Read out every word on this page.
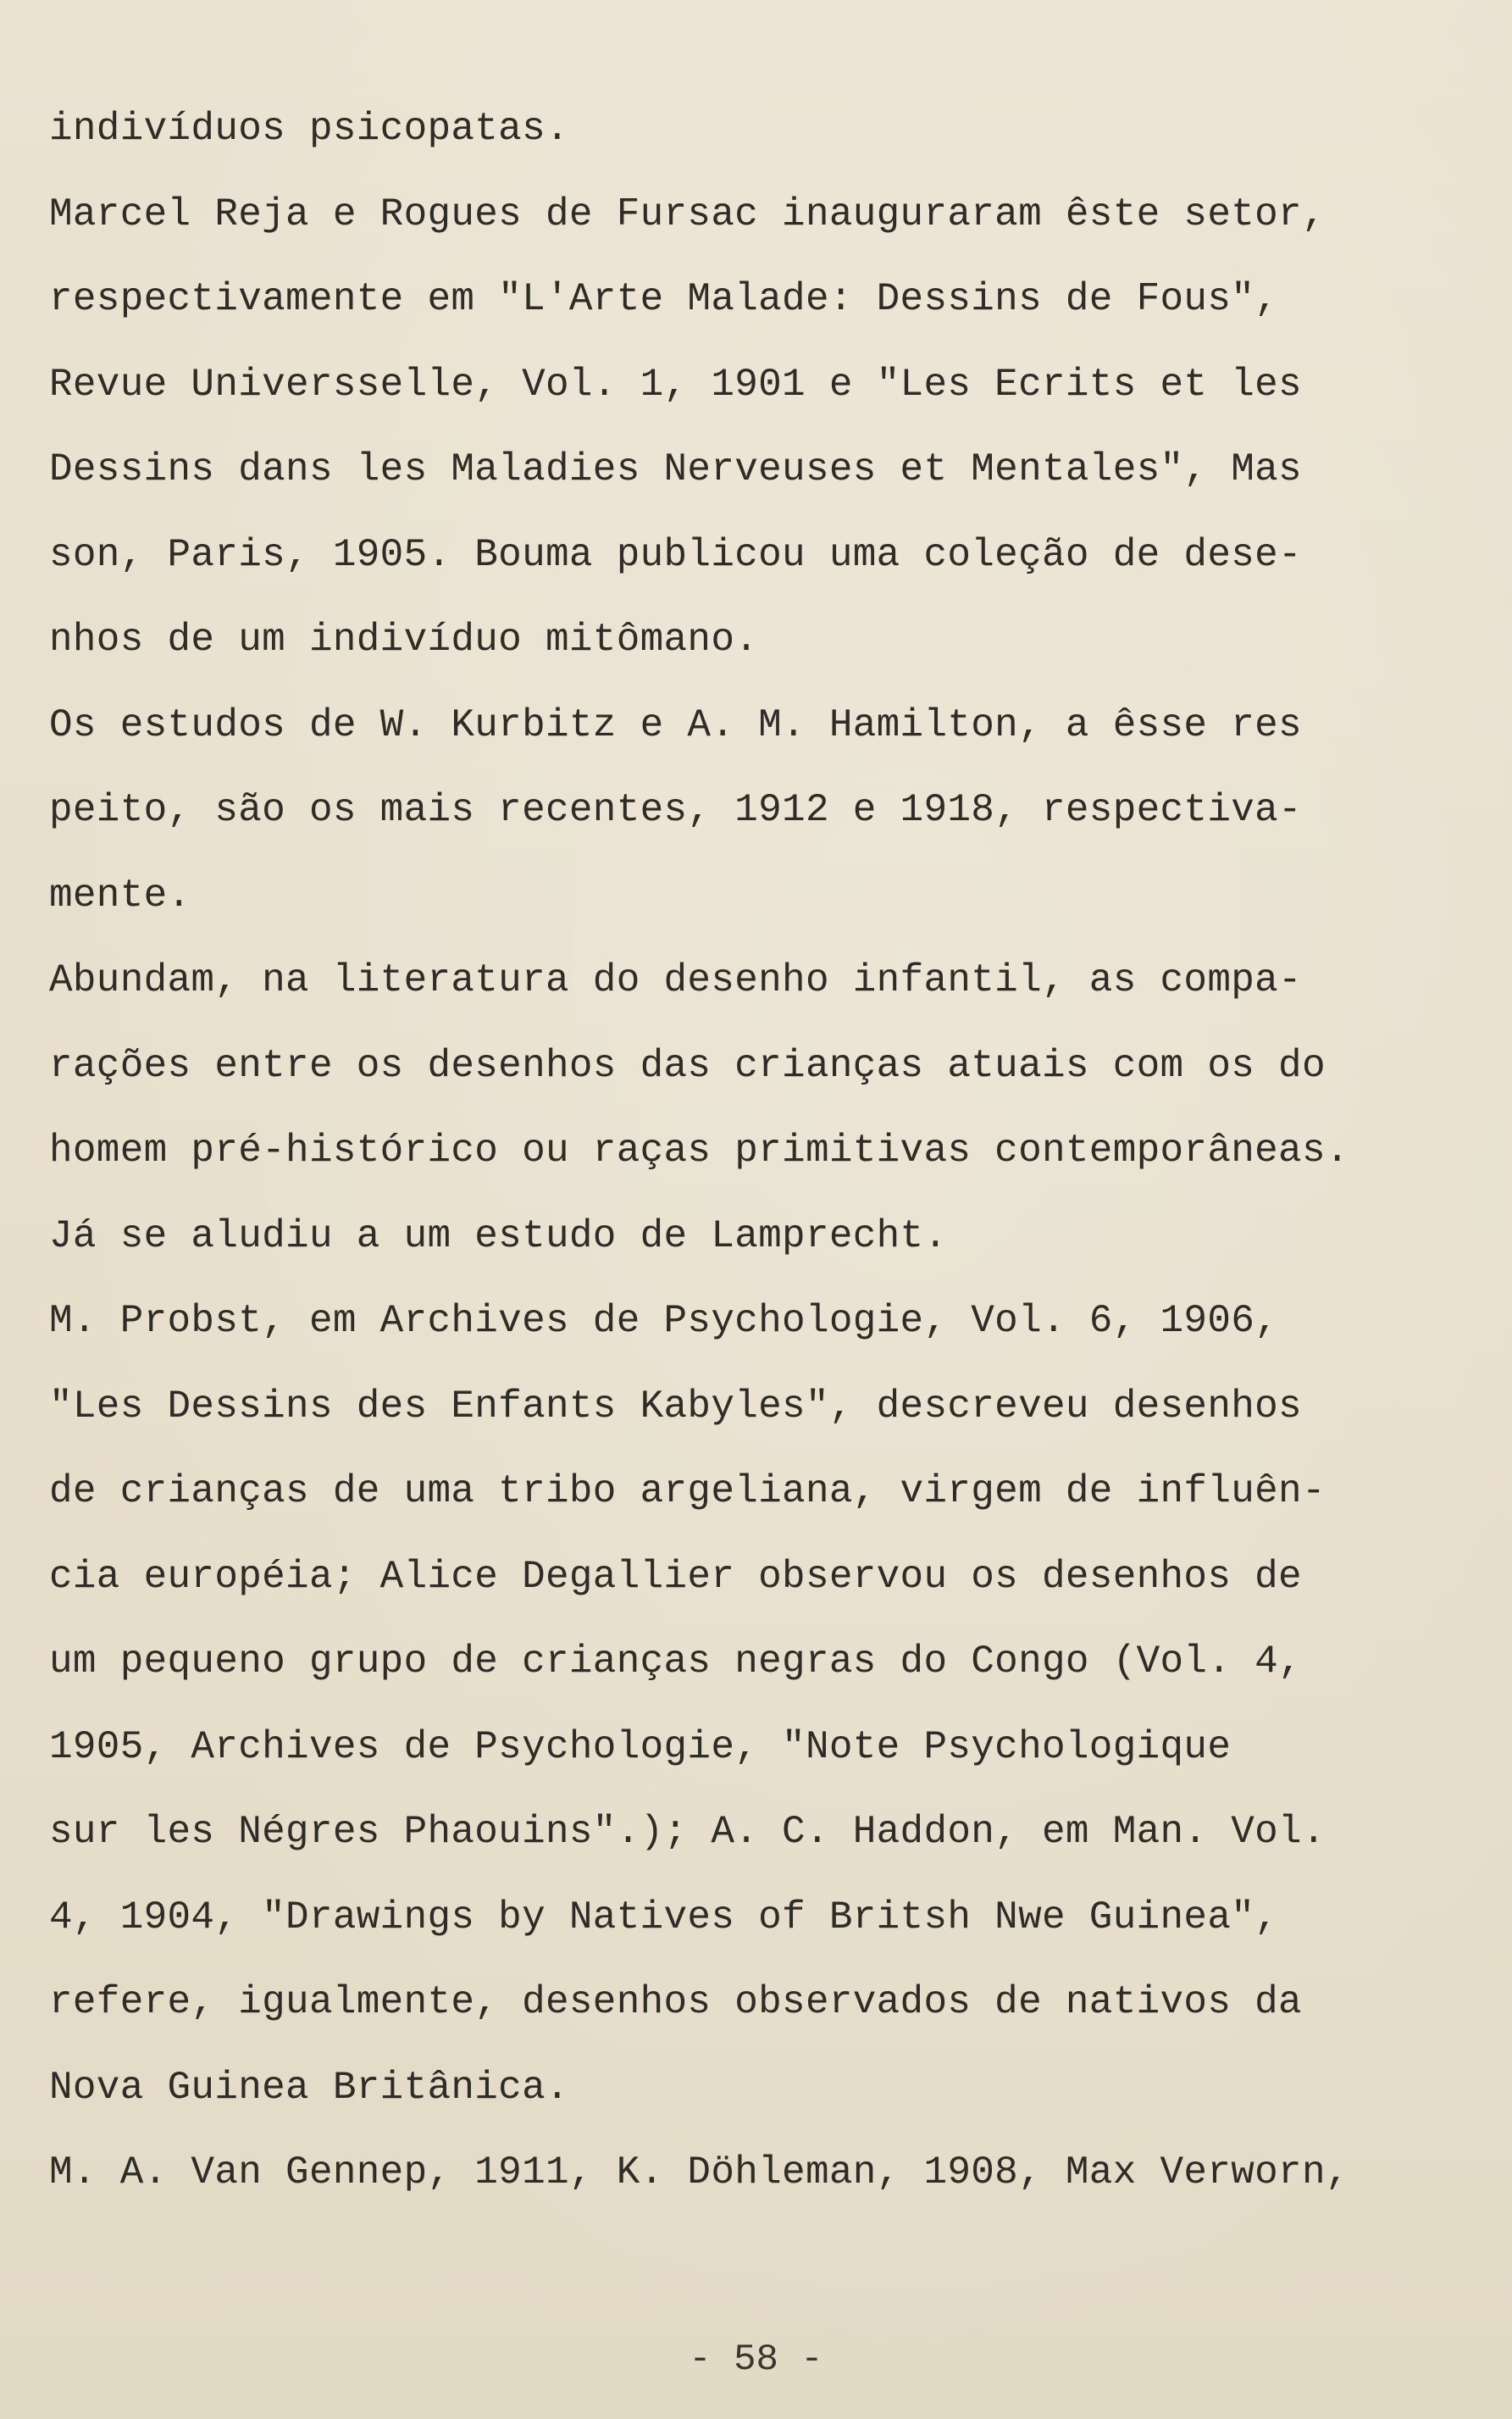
indivíduos psicopatas.
Marcel Reja e Rogues de Fursac inauguraram êste setor,
respectivamente em "L'Arte Malade: Dessins de Fous",
Revue Universselle, Vol. 1, 1901 e "Les Ecrits et les
Dessins dans les Maladies Nerveuses et Mentales", Mas
son, Paris, 1905. Bouma publicou uma coleção de dese-
nhos de um indivíduo mitômano.
Os estudos de W. Kurbitz e A. M. Hamilton, a êsse res
peito, são os mais recentes, 1912 e 1918, respectiva-
mente.
Abundam, na literatura do desenho infantil, as compa-
rações entre os desenhos das crianças atuais com os do
homem pré-histórico ou raças primitivas contemporâneas.
Já se aludiu a um estudo de Lamprecht.
M. Probst, em Archives de Psychologie, Vol. 6, 1906,
"Les Dessins des Enfants Kabyles", descreveu desenhos
de crianças de uma tribo argeliana, virgem de influên-
cia européia; Alice Degallier observou os desenhos de
um pequeno grupo de crianças negras do Congo (Vol. 4,
1905, Archives de Psychologie, "Note Psychologique
sur les Négres Phaouins".); A. C. Haddon, em Man. Vol.
4, 1904, "Drawings by Natives of Britsh Nwe Guinea",
refere, igualmente, desenhos observados de nativos da
Nova Guinea Britânica.
M. A. Van Gennep, 1911, K. Döhleman, 1908, Max Verworn,
- 58 -
